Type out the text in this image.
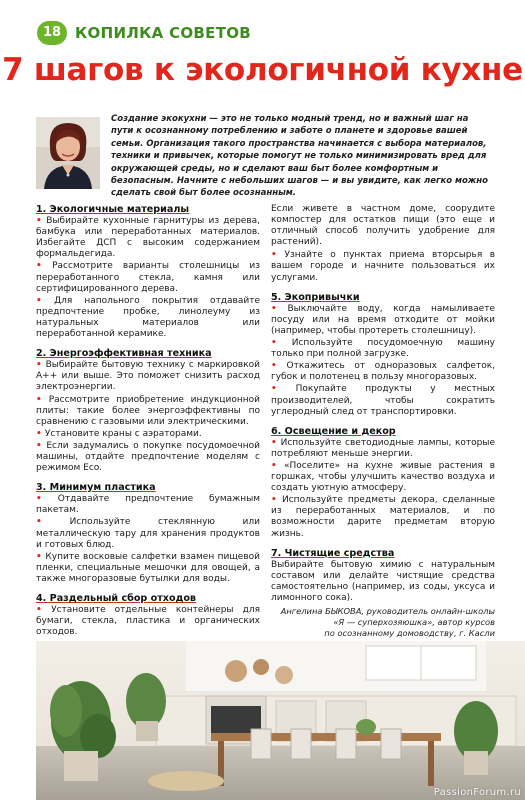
18 КОПИЛКА СОВЕТОВ
7 шагов к экологичной кухне
Создание экокухни — это не только модный тренд, но и важный шаг на пути к осознанному потреблению и заботе о планете и здоровье вашей семьи. Организация такого пространства начинается с выбора материалов, техники и привычек, которые помогут не только минимизировать вред для окружающей среды, но и сделают ваш быт более комфортным и безопасным. Начните с небольших шагов — и вы увидите, как легко можно сделать свой быт более осознанным.
1. Экологичные материалы
• Выбирайте кухонные гарнитуры из дерева, бамбука или переработанных материалов. Избегайте ДСП с высоким содержанием формальдегида.
• Рассмотрите варианты столешницы из переработанного стекла, камня или сертифицированного дерева.
• Для напольного покрытия отдавайте предпочтение пробке, линолеуму из натуральных материалов или переработанной керамике.
2. Энергоэффективная техника
• Выбирайте бытовую технику с маркировкой A++ или выше. Это поможет снизить расход электроэнергии.
• Рассмотрите приобретение индукционной плиты: такие более энергоэффективны по сравнению с газовыми или электрическими.
• Установите краны с аэраторами.
• Если задумались о покупке посудомоечной машины, отдайте предпочтение моделям с режимом Eco.
3. Минимум пластика
• Отдавайте предпочтение бумажным пакетам.
• Используйте стеклянную или металлическую тару для хранения продуктов и готовых блюд.
• Купите восковые салфетки взамен пищевой пленки, специальные мешочки для овощей, а также многоразовые бутылки для воды.
4. Раздельный сбор отходов
• Установите отдельные контейнеры для бумаги, стекла, пластика и органических отходов.
Если живете в частном доме, соорудите компостер для остатков пищи (это еще и отличный способ получить удобрение для растений).
• Узнайте о пунктах приема вторсырья в вашем городе и начните пользоваться их услугами.
5. Экопривычки
• Выключайте воду, когда намыливаете посуду или на время отходите от мойки (например, чтобы протереть столешницу).
• Используйте посудомоечную машину только при полной загрузке.
• Откажитесь от одноразовых салфеток, губок и полотенец в пользу многоразовых.
• Покупайте продукты у местных производителей, чтобы сократить углеродный след от транспортировки.
6. Освещение и декор
• Используйте светодиодные лампы, которые потребляют меньше энергии.
• «Поселите» на кухне живые растения в горшках, чтобы улучшить качество воздуха и создать уютную атмосферу.
• Используйте предметы декора, сделанные из переработанных материалов, и по возможности дарите предметам вторую жизнь.
7. Чистящие средства
Выбирайте бытовую химию с натуральным составом или делайте чистящие средства самостоятельно (например, из соды, уксуса и лимонного сока).
Ангелина БЫКОВА, руководитель онлайн-школы
«Я — суперхозяюшка», автор курсов
по осознанному домоводству, г. Касли
PassionForum.ru
